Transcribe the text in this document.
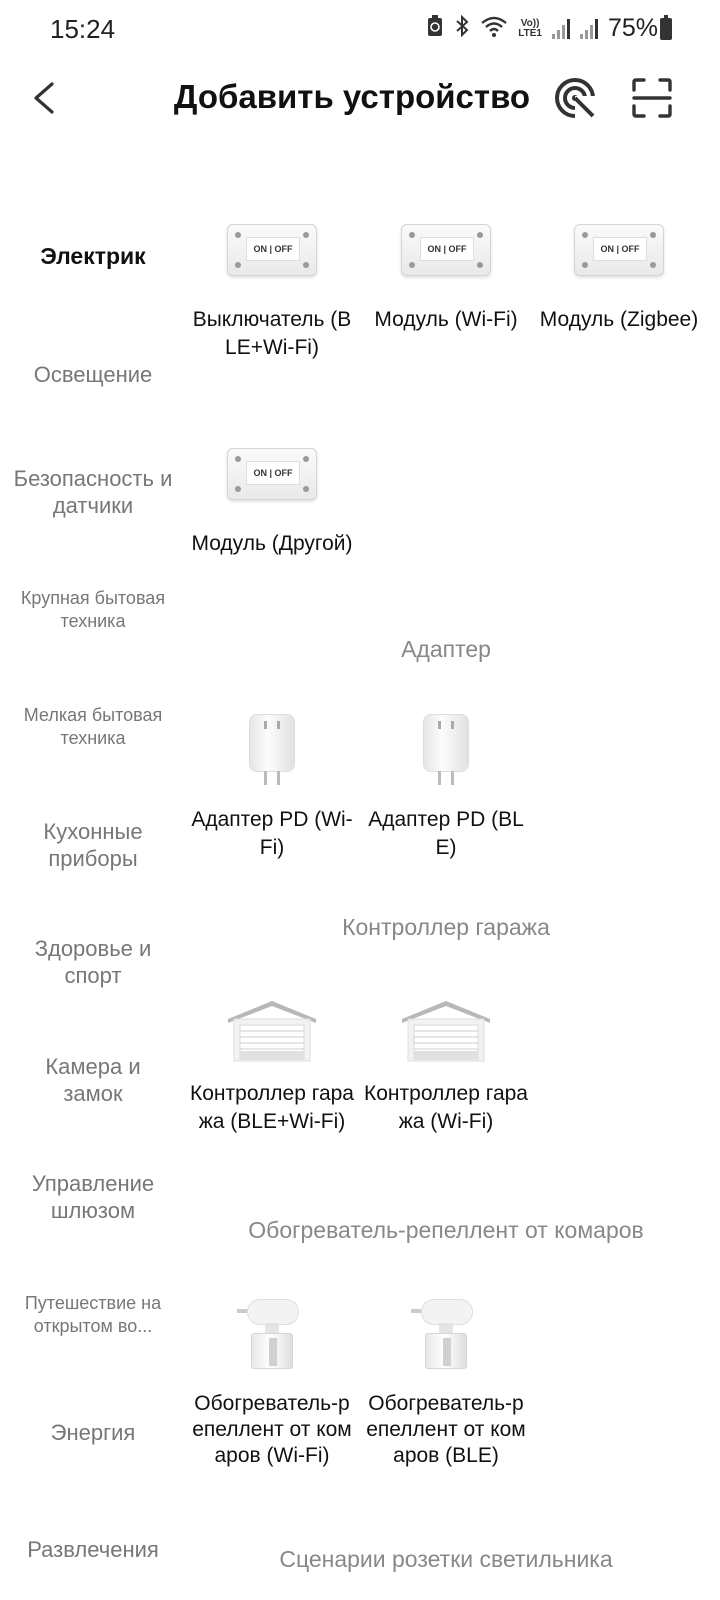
15:24	Vo))
LTE1	75%
Добавить устройство
Электрик
Освещение
Безопасность и датчики
Крупная бытовая техника
Мелкая бытовая техника
Кухонные приборы
Здоровье и спорт
Камера и замок
Управление шлюзом
Путешествие на открытом во...
Энергия
Развлечения
ON | OFF
Выключатель (BLE+Wi-Fi)
ON | OFF
Модуль (Wi-Fi)
ON | OFF
Модуль (Zigbee)
ON | OFF
Модуль (Другой)
Адаптер
Адаптер PD (Wi-Fi)
Адаптер PD (BLE)
Контроллер гаража
Контроллер гаража (BLE+Wi-Fi)
Контроллер гаража (Wi-Fi)
Обогреватель-репеллент от комаров
Обогреватель-репеллент от комаров (Wi-Fi)
Обогреватель-репеллент от комаров (BLE)
Сценарии розетки светильника
